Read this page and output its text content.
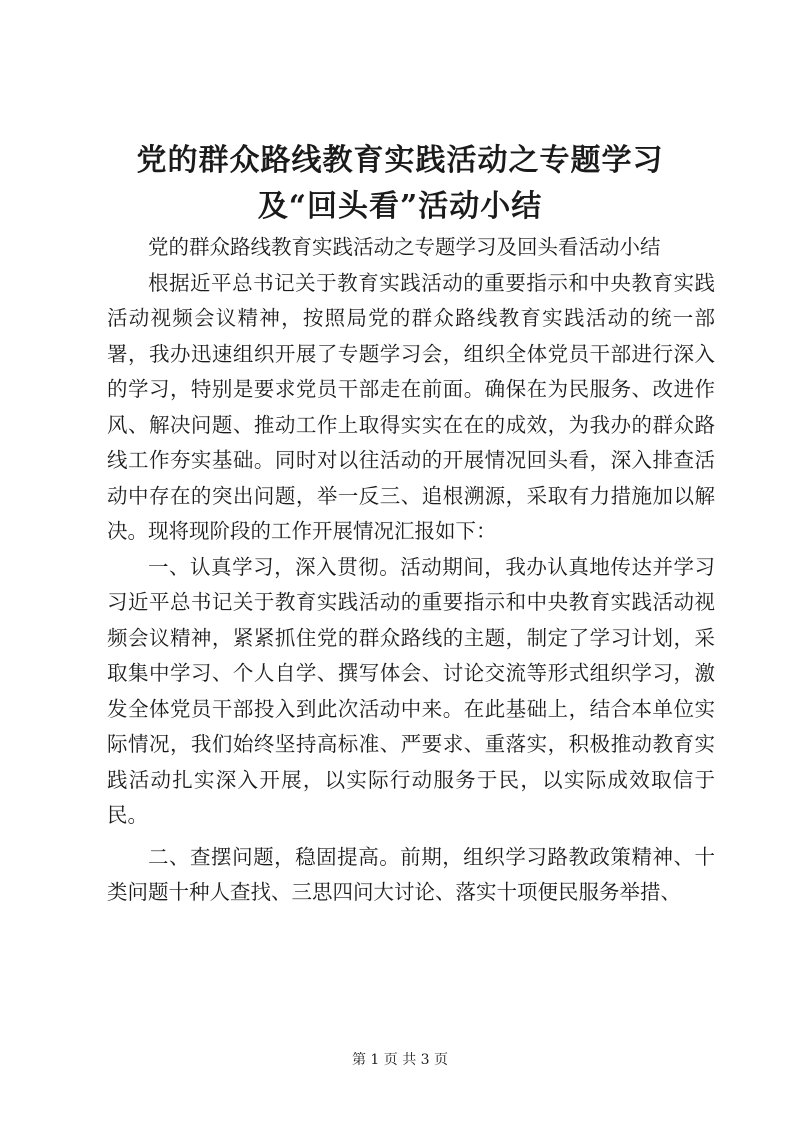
党的群众路线教育实践活动之专题学习及“回头看”活动小结

党的群众路线教育实践活动之专题学习及回头看活动小结

根据近平总书记关于教育实践活动的重要指示和中央教育实践活动视频会议精神，按照局党的群众路线教育实践活动的统一部署，我办迅速组织开展了专题学习会，组织全体党员干部进行深入的学习，特别是要求党员干部走在前面。确保在为民服务、改进作风、解决问题、推动工作上取得实实在在的成效，为我办的群众路线工作夯实基础。同时对以往活动的开展情况回头看，深入排查活动中存在的突出问题，举一反三、追根溯源，采取有力措施加以解决。现将现阶段的工作开展情况汇报如下：

一、认真学习，深入贯彻。活动期间，我办认真地传达并学习习近平总书记关于教育实践活动的重要指示和中央教育实践活动视频会议精神，紧紧抓住党的群众路线的主题，制定了学习计划，采取集中学习、个人自学、撰写体会、讨论交流等形式组织学习，激发全体党员干部投入到此次活动中来。在此基础上，结合本单位实际情况，我们始终坚持高标准、严要求、重落实，积极推动教育实践活动扎实深入开展，以实际行动服务于民，以实际成效取信于民。

二、查摆问题，稳固提高。前期，组织学习路教政策精神、十类问题十种人查找、三思四问大讨论、落实十项便民服务举措、

第 1 页 共 3 页
